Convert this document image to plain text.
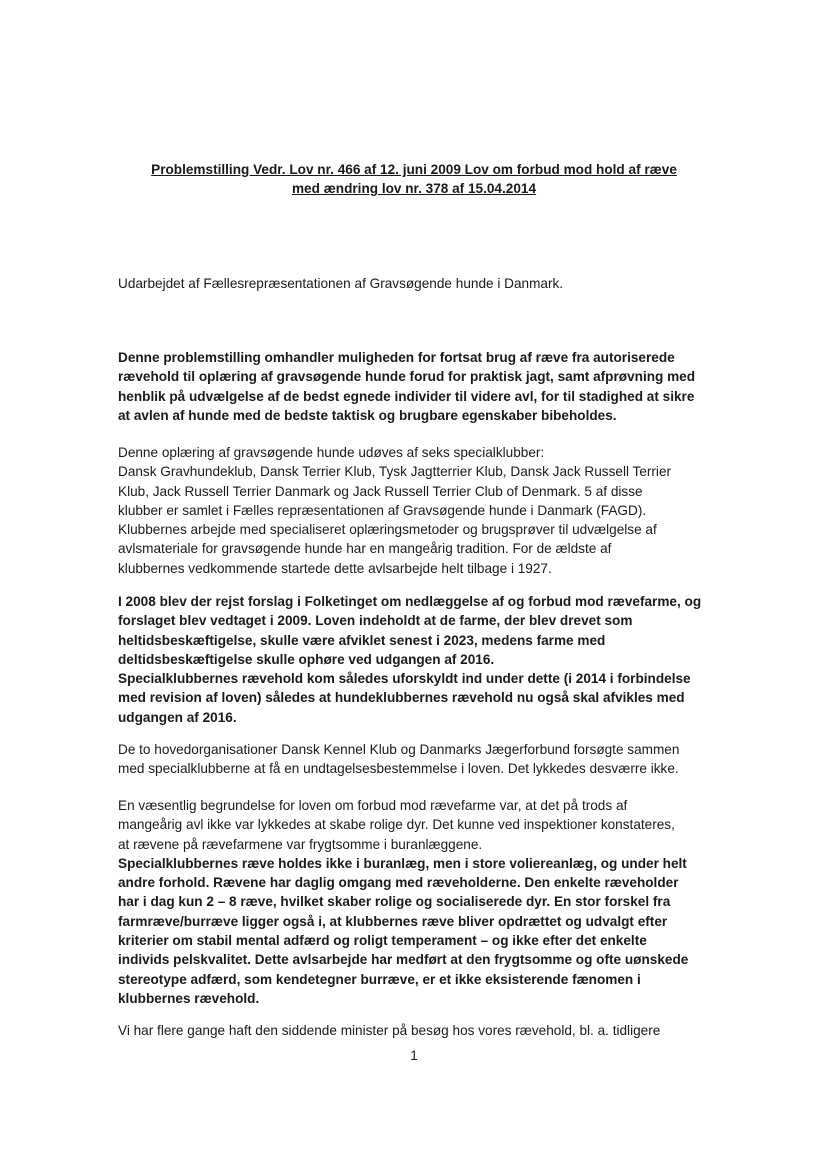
Problemstilling Vedr. Lov nr. 466 af 12. juni 2009 Lov om forbud mod hold af ræve
med ændring lov nr. 378 af 15.04.2014
Udarbejdet af Fællesrepræsentationen af Gravsøgende hunde i Danmark.
Denne problemstilling omhandler muligheden for fortsat brug af ræve fra autoriserede
rævehold til oplæring af gravsøgende hunde forud for praktisk jagt, samt afprøvning med
henblik på udvælgelse af de bedst egnede individer til videre avl, for til stadighed at sikre
at avlen af hunde med de bedste taktisk og brugbare egenskaber bibeholdes.
Denne oplæring af gravsøgende hunde udøves af seks specialklubber:
Dansk Gravhundeklub, Dansk Terrier Klub, Tysk Jagtterrier Klub, Dansk Jack Russell Terrier
Klub, Jack Russell Terrier Danmark og Jack Russell Terrier Club of Denmark. 5 af disse
klubber er samlet i Fælles repræsentationen af Gravsøgende hunde i Danmark (FAGD).
Klubbernes arbejde med specialiseret oplæringsmetoder og brugsprøver til udvælgelse af
avlsmateriale for gravsøgende hunde har en mangeårig tradition. For de ældste af
klubbernes vedkommende startede dette avlsarbejde helt tilbage i 1927.
I 2008 blev der rejst forslag i Folketinget om nedlæggelse af og forbud mod rævefarme, og
forslaget blev vedtaget i 2009. Loven indeholdt at de farme, der blev drevet som
heltidsbeskæftigelse, skulle være afviklet senest i 2023, medens farme med
deltidsbeskæftigelse skulle ophøre ved udgangen af 2016.
Specialklubbernes rævehold kom således uforskyldt ind under dette (i 2014 i forbindelse
med revision af loven) således at hundeklubbernes rævehold nu også skal afvikles med
udgangen af 2016.
De to hovedorganisationer Dansk Kennel Klub og Danmarks Jægerforbund forsøgte sammen
med specialklubberne at få en undtagelsesbestemmelse i loven. Det lykkedes desværre ikke.
En væsentlig begrundelse for loven om forbud mod rævefarme var, at det på trods af
mangeårig avl ikke var lykkedes at skabe rolige dyr. Det kunne ved inspektioner konstateres,
at rævene på rævefarmene var frygtsomme i buranlæggene.
Specialklubbernes ræve holdes ikke i buranlæg, men i store voliereanlæg, og under helt
andre forhold. Rævene har daglig omgang med ræveholderne. Den enkelte ræveholder
har i dag kun 2 – 8 ræve, hvilket skaber rolige og socialiserede dyr. En stor forskel fra
farmræve/burræve ligger også i, at klubbernes ræve bliver opdrættet og udvalgt efter
kriterier om stabil mental adfærd og roligt temperament – og ikke efter det enkelte
individs pelskvalitet. Dette avlsarbejde har medført at den frygtsomme og ofte uønskede
stereotype adfærd, som kendetegner burræve, er et ikke eksisterende fænomen i
klubbernes rævehold.
Vi har flere gange haft den siddende minister på besøg hos vores rævehold, bl. a. tidligere
1
